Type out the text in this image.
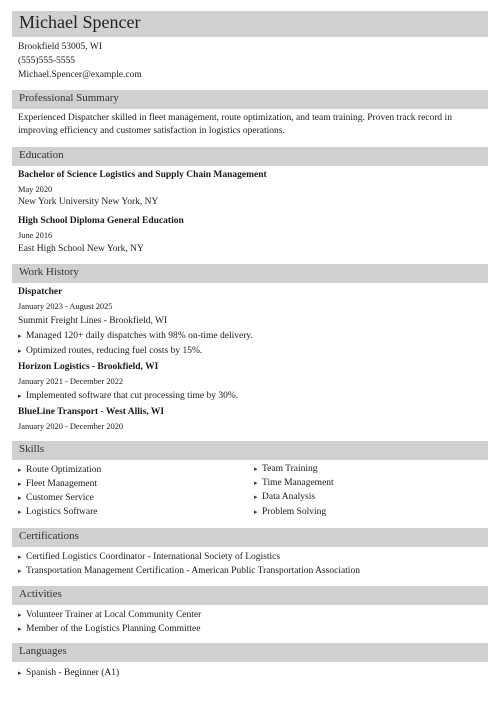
Michael Spencer
Brookfield 53005, WI
(555)555-5555
Michael.Spencer@example.com
Professional Summary
Experienced Dispatcher skilled in fleet management, route optimization, and team training. Proven track record in improving efficiency and customer satisfaction in logistics operations.
Education
Bachelor of Science Logistics and Supply Chain Management
May 2020
New York University New York, NY
High School Diploma General Education
June 2016
East High School New York, NY
Work History
Dispatcher
January 2023 - August 2025
Summit Freight Lines - Brookfield, WI
▸ Managed 120+ daily dispatches with 98% on-time delivery.
▸ Optimized routes, reducing fuel costs by 15%.
Horizon Logistics - Brookfield, WI
January 2021 - December 2022
▸ Implemented software that cut processing time by 30%.
BlueLine Transport - West Allis, WI
January 2020 - December 2020
Skills
▸ Route Optimization
▸ Fleet Management
▸ Customer Service
▸ Logistics Software
▸ Team Training
▸ Time Management
▸ Data Analysis
▸ Problem Solving
Certifications
▸ Certified Logistics Coordinator - International Society of Logistics
▸ Transportation Management Certification - American Public Transportation Association
Activities
▸ Volunteer Trainer at Local Community Center
▸ Member of the Logistics Planning Committee
Languages
▸ Spanish - Beginner (A1)
